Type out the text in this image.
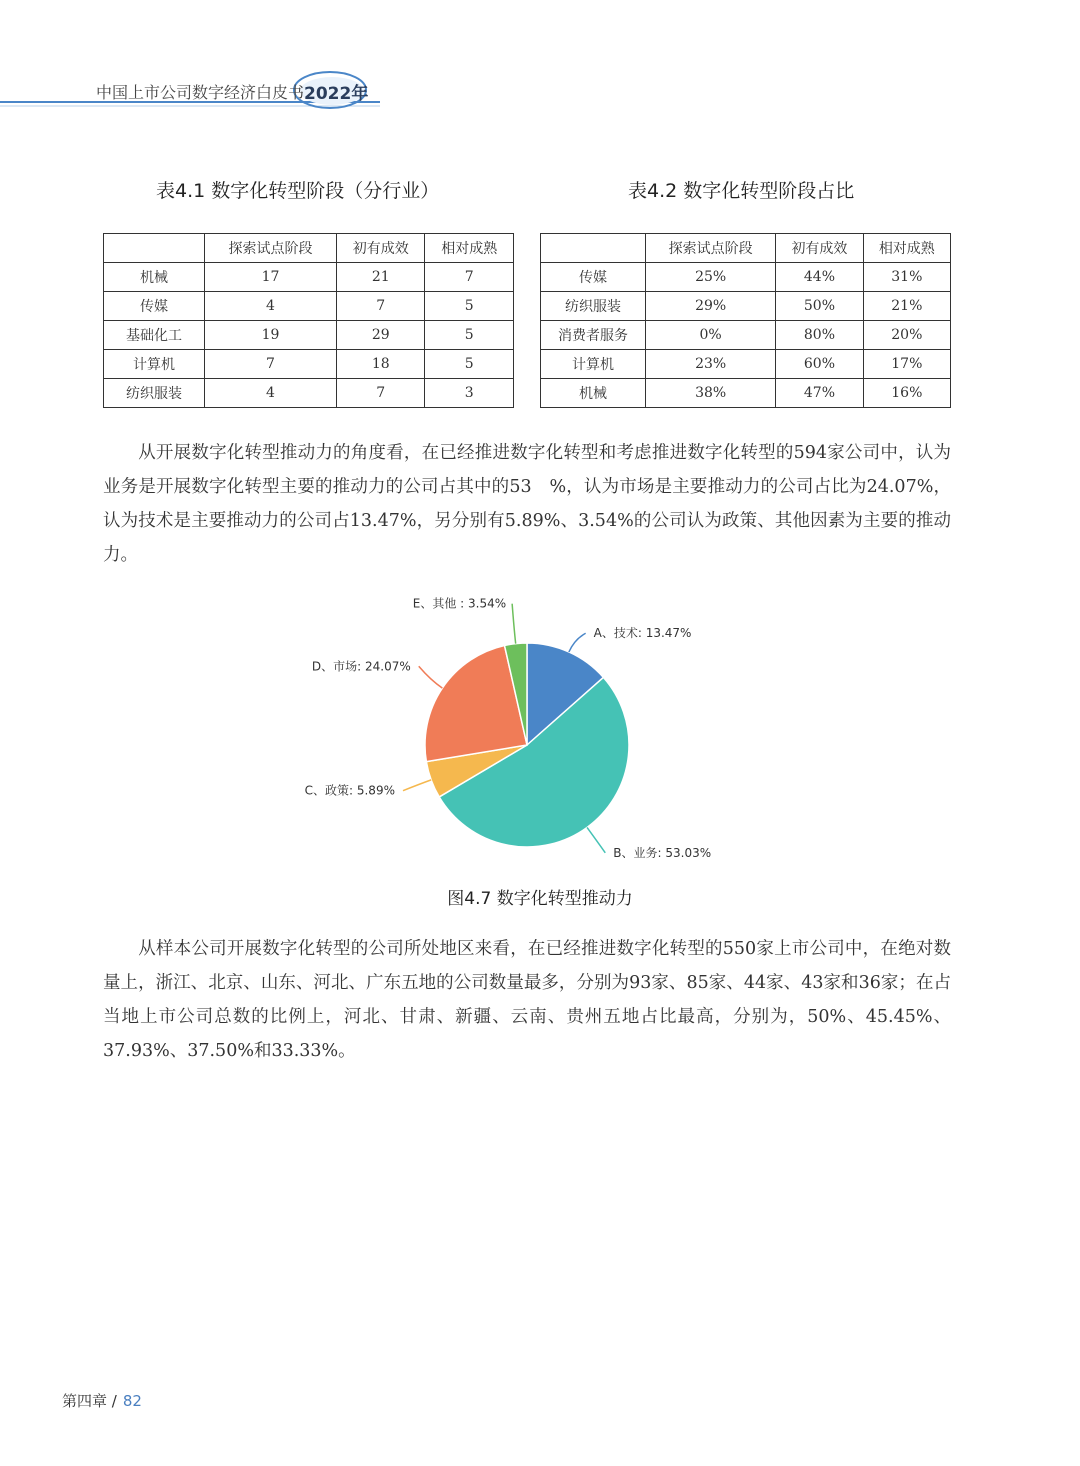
中国上市公司数字经济白皮书 2022年
表4.1 数字化转型阶段（分行业）	表4.2 数字化转型阶段占比
	探索试点阶段	初有成效	相对成熟
机械	17	21	7
传媒	4	7	5
基础化工	19	29	5
计算机	7	18	5
纺织服装	4	7	3
	探索试点阶段	初有成效	相对成熟
传媒	25%	44%	31%
纺织服装	29%	50%	21%
消费者服务	0%	80%	20%
计算机	23%	60%	17%
机械	38%	47%	16%
从开展数字化转型推动力的角度看，在已经推进数字化转型和考虑推进数字化转型的594家公司中，认为业务是开展数字化转型主要的推动力的公司占其中的53　%，认为市场是主要推动力的公司占比为24.07%，认为技术是主要推动力的公司占13.47%，另分别有5.89%、3.54%的公司认为政策、其他因素为主要的推动力。
A、技术: 13.47%
B、业务: 53.03%
C、政策: 5.89%
D、市场: 24.07%
E、其他 : 3.54%
图4.7 数字化转型推动力
从样本公司开展数字化转型的公司所处地区来看，在已经推进数字化转型的550家上市公司中，在绝对数量上，浙江、北京、山东、河北、广东五地的公司数量最多，分别为93家、85家、44家、43家和36家；在占当地上市公司总数的比例上，河北、甘肃、新疆、云南、贵州五地占比最高，分别为，50%、45.45%、37.93%、37.50%和33.33%。
第四章 / 82
